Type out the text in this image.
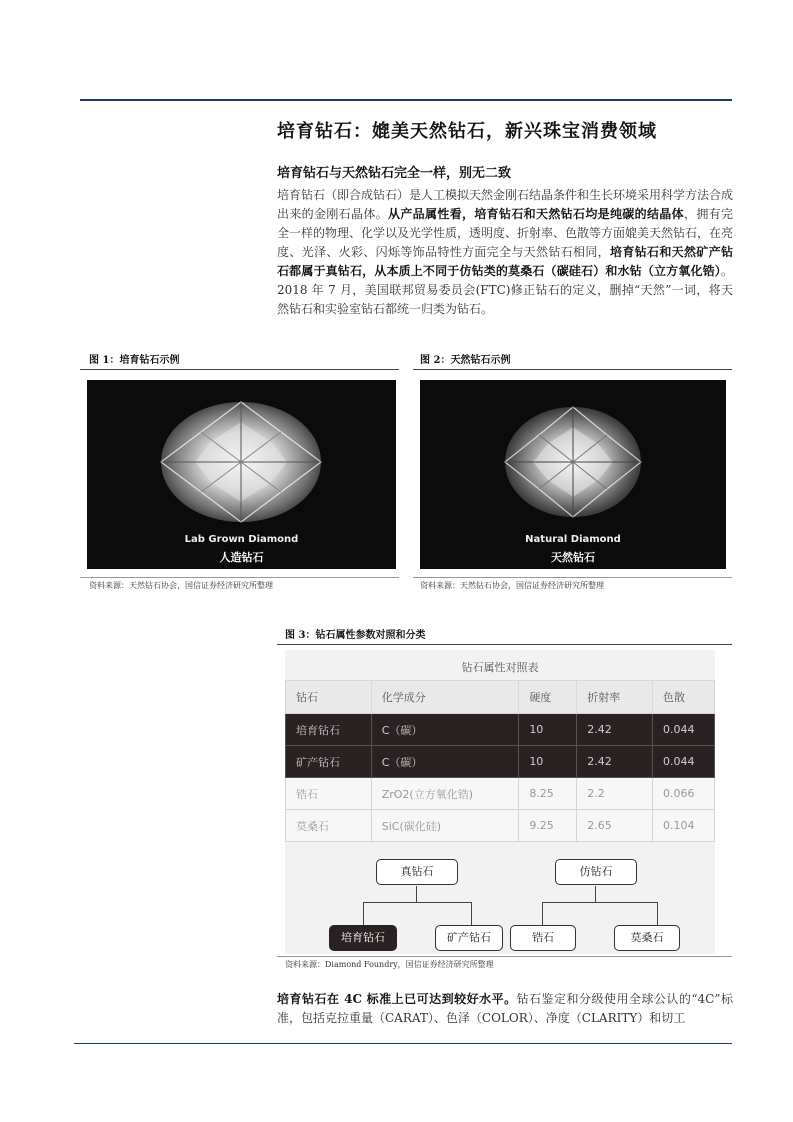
培育钻石：媲美天然钻石，新兴珠宝消费领域
培育钻石与天然钻石完全一样，别无二致
培育钻石（即合成钻石）是人工模拟天然金刚石结晶条件和生长环境采用科学方法合成出来的金刚石晶体。从产品属性看，培育钻石和天然钻石均是纯碳的结晶体，拥有完全一样的物理、化学以及光学性质，透明度、折射率、色散等方面媲美天然钻石，在亮度、光泽、火彩、闪烁等饰品特性方面完全与天然钻石相同，培育钻石和天然矿产钻石都属于真钻石，从本质上不同于仿钻类的莫桑石（碳硅石）和水钻（立方氧化锆）。2018 年 7 月，美国联邦贸易委员会(FTC)修正钻石的定义，删掉“天然”一词，将天然钻石和实验室钻石都统一归类为钻石。
图 1：培育钻石示例
Lab Grown Diamond
人造钻石
资料来源：天然钻石协会，国信证券经济研究所整理
图 2：天然钻石示例
Natural Diamond
天然钻石
资料来源：天然钻石协会，国信证券经济研究所整理
图 3：钻石属性参数对照和分类
钻石属性对照表
钻石	化学成分	硬度	折射率	色散
培育钻石	C（碳）	10	2.42	0.044
矿产钻石	C（碳）	10	2.42	0.044
锆石	ZrO2(立方氧化锆)	8.25	2.2	0.066
莫桑石	SiC(碳化硅)	9.25	2.65	0.104
真钻石	仿钻石
培育钻石	矿产钻石	锆石	莫桑石
资料来源：Diamond Foundry，国信证券经济研究所整理
培育钻石在 4C 标准上已可达到较好水平。钻石鉴定和分级使用全球公认的“4C”标准，包括克拉重量（CARAT）、色泽（COLOR）、净度（CLARITY）和切工
